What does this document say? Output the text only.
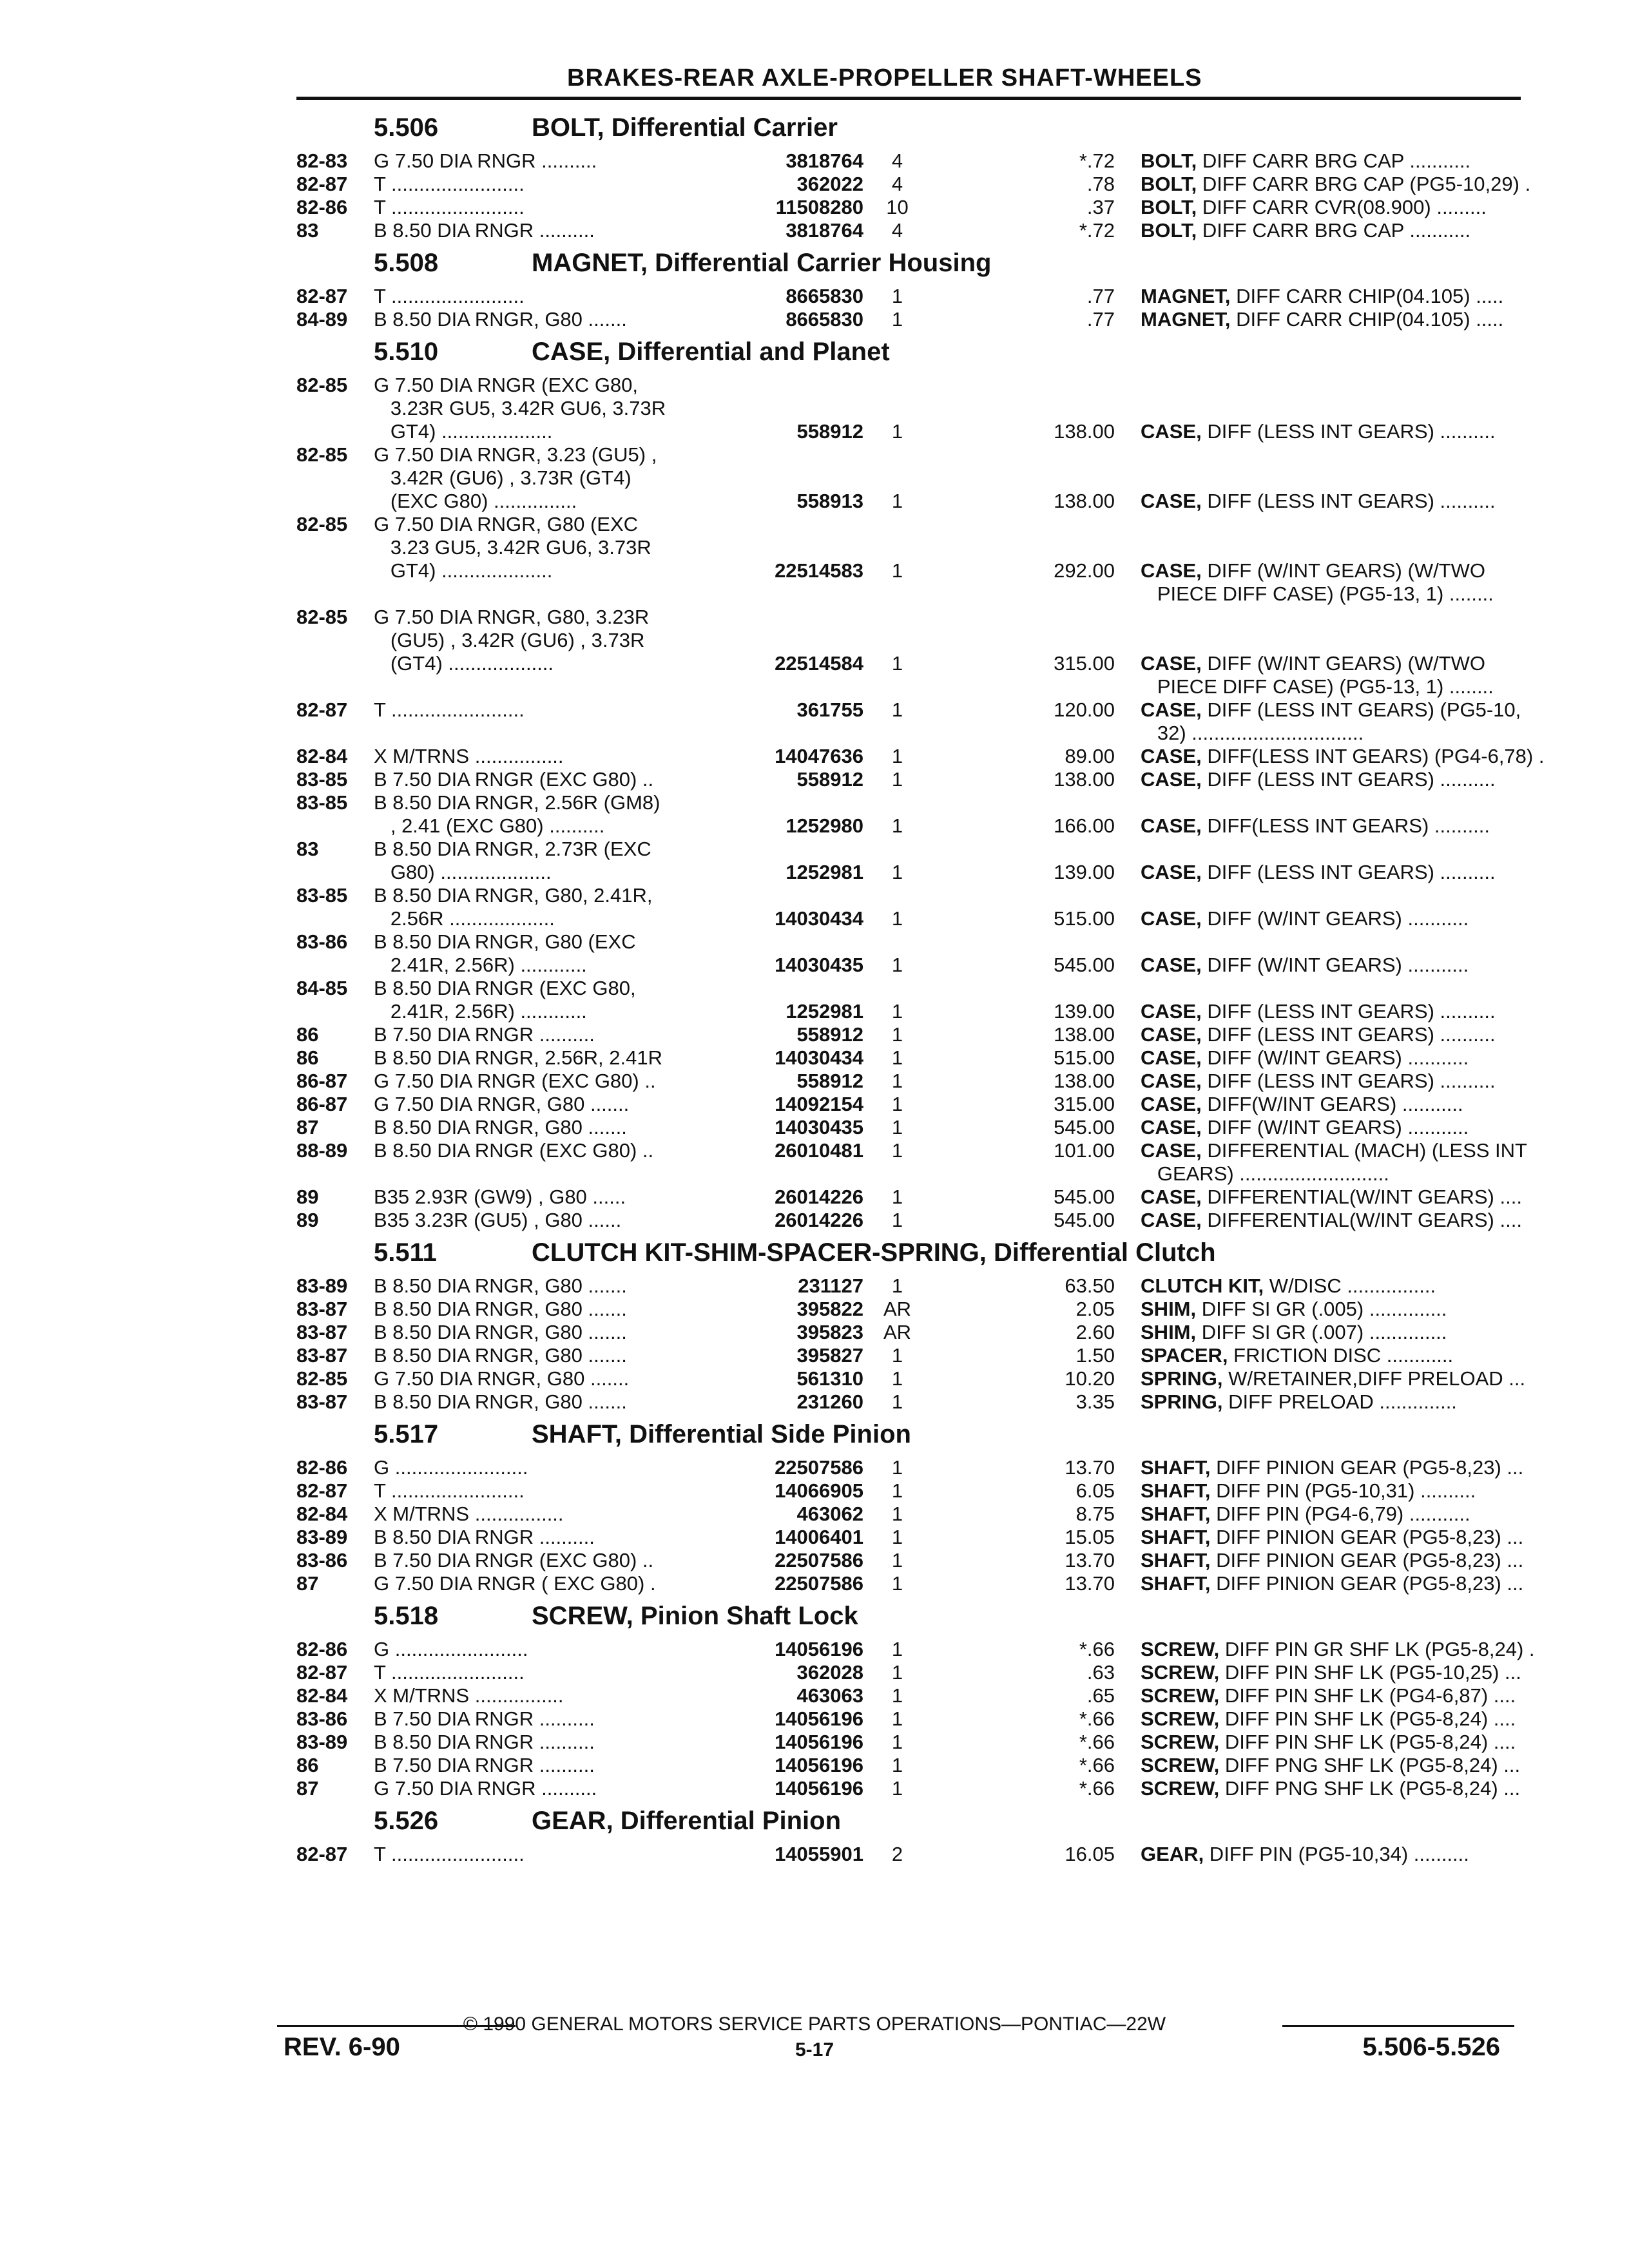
BRAKES-REAR AXLE-PROPELLER SHAFT-WHEELS
5.506	BOLT, Differential Carrier
82-83	G 7.50 DIA RNGR ..........	3818764	4	*.72 BOLT, DIFF CARR BRG CAP ...........
82-87	T ........................	362022	4	.78 BOLT, DIFF CARR BRG CAP (PG5-10,29) .
82-86	T ........................	11508280	10	.37 BOLT, DIFF CARR CVR(08.900) .........
83	B 8.50 DIA RNGR ..........	3818764	4	*.72 BOLT, DIFF CARR BRG CAP ...........
5.508	MAGNET, Differential Carrier Housing
82-87	T ........................	8665830	1	.77 MAGNET, DIFF CARR CHIP(04.105) .....
84-89	B 8.50 DIA RNGR, G80 .......	8665830	1	.77 MAGNET, DIFF CARR CHIP(04.105) .....
5.510	CASE, Differential and Planet
82-85	G 7.50 DIA RNGR (EXC G80,
3.23R GU5, 3.42R GU6, 3.73R
GT4) ....................	558912	1	138.00 CASE, DIFF (LESS INT GEARS) ..........
82-85	G 7.50 DIA RNGR, 3.23 (GU5) ,
3.42R (GU6) , 3.73R (GT4)
(EXC G80) ...............	558913	1	138.00 CASE, DIFF (LESS INT GEARS) ..........
82-85	G 7.50 DIA RNGR, G80 (EXC
3.23 GU5, 3.42R GU6, 3.73R
GT4) ....................	22514583	1	292.00 CASE, DIFF (W/INT GEARS) (W/TWO
PIECE DIFF CASE) (PG5-13, 1) ........
82-85	G 7.50 DIA RNGR, G80, 3.23R
(GU5) , 3.42R (GU6) , 3.73R
(GT4) ...................	22514584	1	315.00 CASE, DIFF (W/INT GEARS) (W/TWO
PIECE DIFF CASE) (PG5-13, 1) ........
82-87	T ........................	361755	1	120.00 CASE, DIFF (LESS INT GEARS) (PG5-10,
32) ...............................
82-84	X M/TRNS ................	14047636	1	89.00 CASE, DIFF(LESS INT GEARS) (PG4-6,78) .
83-85	B 7.50 DIA RNGR (EXC G80) ..	558912	1	138.00 CASE, DIFF (LESS INT GEARS) ..........
83-85	B 8.50 DIA RNGR, 2.56R (GM8)
, 2.41 (EXC G80) ..........	1252980	1	166.00 CASE, DIFF(LESS INT GEARS) ..........
83	B 8.50 DIA RNGR, 2.73R (EXC
G80) ....................	1252981	1	139.00 CASE, DIFF (LESS INT GEARS) ..........
83-85	B 8.50 DIA RNGR, G80, 2.41R,
2.56R ...................	14030434	1	515.00 CASE, DIFF (W/INT GEARS) ...........
83-86	B 8.50 DIA RNGR, G80 (EXC
2.41R, 2.56R) ............	14030435	1	545.00 CASE, DIFF (W/INT GEARS) ...........
84-85	B 8.50 DIA RNGR (EXC G80,
2.41R, 2.56R) ............	1252981	1	139.00 CASE, DIFF (LESS INT GEARS) ..........
86	B 7.50 DIA RNGR ..........	558912	1	138.00 CASE, DIFF (LESS INT GEARS) ..........
86	B 8.50 DIA RNGR, 2.56R, 2.41R	14030434	1	515.00 CASE, DIFF (W/INT GEARS) ...........
86-87	G 7.50 DIA RNGR (EXC G80) ..	558912	1	138.00 CASE, DIFF (LESS INT GEARS) ..........
86-87	G 7.50 DIA RNGR, G80 .......	14092154	1	315.00 CASE, DIFF(W/INT GEARS) ...........
87	B 8.50 DIA RNGR, G80 .......	14030435	1	545.00 CASE, DIFF (W/INT GEARS) ...........
88-89	B 8.50 DIA RNGR (EXC G80) ..	26010481	1	101.00 CASE, DIFFERENTIAL (MACH) (LESS INT
GEARS) ...........................
89	B35 2.93R (GW9) , G80 ......	26014226	1	545.00 CASE, DIFFERENTIAL(W/INT GEARS) ....
89	B35 3.23R (GU5) , G80 ......	26014226	1	545.00 CASE, DIFFERENTIAL(W/INT GEARS) ....
5.511	CLUTCH KIT-SHIM-SPACER-SPRING, Differential Clutch
83-89	B 8.50 DIA RNGR, G80 .......	231127	1	63.50 CLUTCH KIT, W/DISC ................
83-87	B 8.50 DIA RNGR, G80 .......	395822 AR	2.05 SHIM, DIFF SI GR (.005) ..............
83-87	B 8.50 DIA RNGR, G80 .......	395823 AR	2.60 SHIM, DIFF SI GR (.007) ..............
83-87	B 8.50 DIA RNGR, G80 .......	395827	1	1.50 SPACER, FRICTION DISC ............
82-85	G 7.50 DIA RNGR, G80 .......	561310	1	10.20 SPRING, W/RETAINER,DIFF PRELOAD ...
83-87	B 8.50 DIA RNGR, G80 .......	231260	1	3.35 SPRING, DIFF PRELOAD ..............
5.517	SHAFT, Differential Side Pinion
82-86	G ........................	22507586	1	13.70 SHAFT, DIFF PINION GEAR (PG5-8,23) ...
82-87	T ........................	14066905	1	6.05 SHAFT, DIFF PIN (PG5-10,31) ..........
82-84	X M/TRNS ................	463062	1	8.75 SHAFT, DIFF PIN (PG4-6,79) ...........
83-89	B 8.50 DIA RNGR ..........	14006401	1	15.05 SHAFT, DIFF PINION GEAR (PG5-8,23) ...
83-86	B 7.50 DIA RNGR (EXC G80) ..	22507586	1	13.70 SHAFT, DIFF PINION GEAR (PG5-8,23) ...
87	G 7.50 DIA RNGR ( EXC G80) .	22507586	1	13.70 SHAFT, DIFF PINION GEAR (PG5-8,23) ...
5.518	SCREW, Pinion Shaft Lock
82-86	G ........................	14056196	1	*.66 SCREW, DIFF PIN GR SHF LK (PG5-8,24) .
82-87	T ........................	362028	1	.63 SCREW, DIFF PIN SHF LK (PG5-10,25) ...
82-84	X M/TRNS ................	463063	1	.65 SCREW, DIFF PIN SHF LK (PG4-6,87) ....
83-86	B 7.50 DIA RNGR ..........	14056196	1	*.66 SCREW, DIFF PIN SHF LK (PG5-8,24) ....
83-89	B 8.50 DIA RNGR ..........	14056196	1	*.66 SCREW, DIFF PIN SHF LK (PG5-8,24) ....
86	B 7.50 DIA RNGR ..........	14056196	1	*.66 SCREW, DIFF PNG SHF LK (PG5-8,24) ...
87	G 7.50 DIA RNGR ..........	14056196	1	*.66 SCREW, DIFF PNG SHF LK (PG5-8,24) ...
5.526	GEAR, Differential Pinion
82-87	T ........................	14055901	2	16.05 GEAR, DIFF PIN (PG5-10,34) ..........
© 1990 GENERAL MOTORS SERVICE PARTS OPERATIONS—PONTIAC—22W
REV. 6-90	5-17	5.506-5.526
